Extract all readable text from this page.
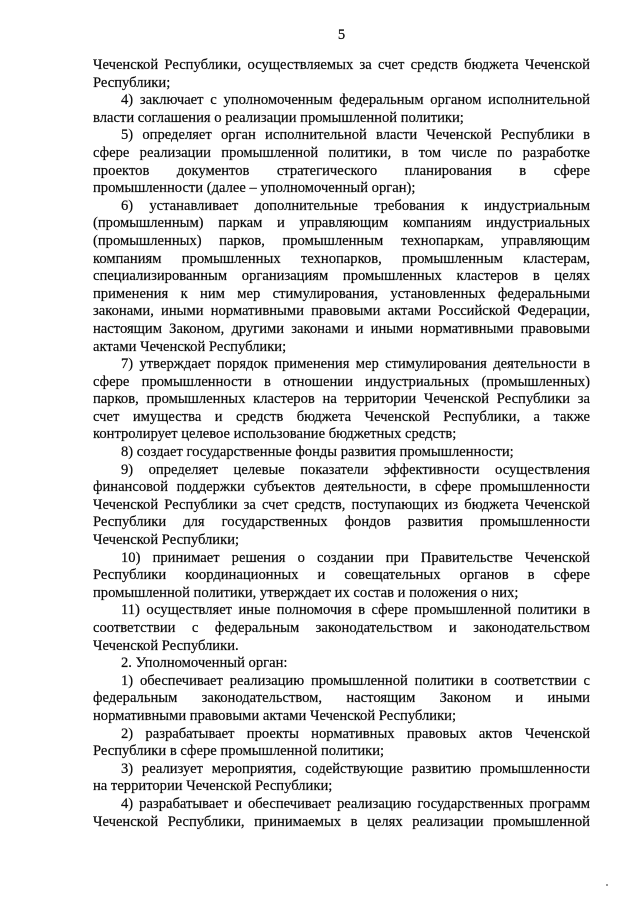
5
Чеченской Республики, осуществляемых за счет средств бюджета Чеченской
Республики;
4) заключает с уполномоченным федеральным органом исполнительной
власти соглашения о реализации промышленной политики;
5) определяет орган исполнительной власти Чеченской Республики в
сфере реализации промышленной политики, в том числе по разработке
проектов документов стратегического планирования в сфере
промышленности (далее – уполномоченный орган);
6) устанавливает дополнительные требования к индустриальным
(промышленным) паркам и управляющим компаниям индустриальных
(промышленных) парков, промышленным технопаркам, управляющим
компаниям промышленных технопарков, промышленным кластерам,
специализированным организациям промышленных кластеров в целях
применения к ним мер стимулирования, установленных федеральными
законами, иными нормативными правовыми актами Российской Федерации,
настоящим Законом, другими законами и иными нормативными правовыми
актами Чеченской Республики;
7) утверждает порядок применения мер стимулирования деятельности в
сфере промышленности в отношении индустриальных (промышленных)
парков, промышленных кластеров на территории Чеченской Республики за
счет имущества и средств бюджета Чеченской Республики, а также
контролирует целевое использование бюджетных средств;
8) создает государственные фонды развития промышленности;
9) определяет целевые показатели эффективности осуществления
финансовой поддержки субъектов деятельности, в сфере промышленности
Чеченской Республики за счет средств, поступающих из бюджета Чеченской
Республики для государственных фондов развития промышленности
Чеченской Республики;
10) принимает решения о создании при Правительстве Чеченской
Республики координационных и совещательных органов в сфере
промышленной политики, утверждает их состав и положения о них;
11) осуществляет иные полномочия в сфере промышленной политики в
соответствии с федеральным законодательством и законодательством
Чеченской Республики.
2. Уполномоченный орган:
1) обеспечивает реализацию промышленной политики в соответствии с
федеральным законодательством, настоящим Законом и иными
нормативными правовыми актами Чеченской Республики;
2) разрабатывает проекты нормативных правовых актов Чеченской
Республики в сфере промышленной политики;
3) реализует мероприятия, содействующие развитию промышленности
на территории Чеченской Республики;
4) разрабатывает и обеспечивает реализацию государственных программ
Чеченской Республики, принимаемых в целях реализации промышленной
